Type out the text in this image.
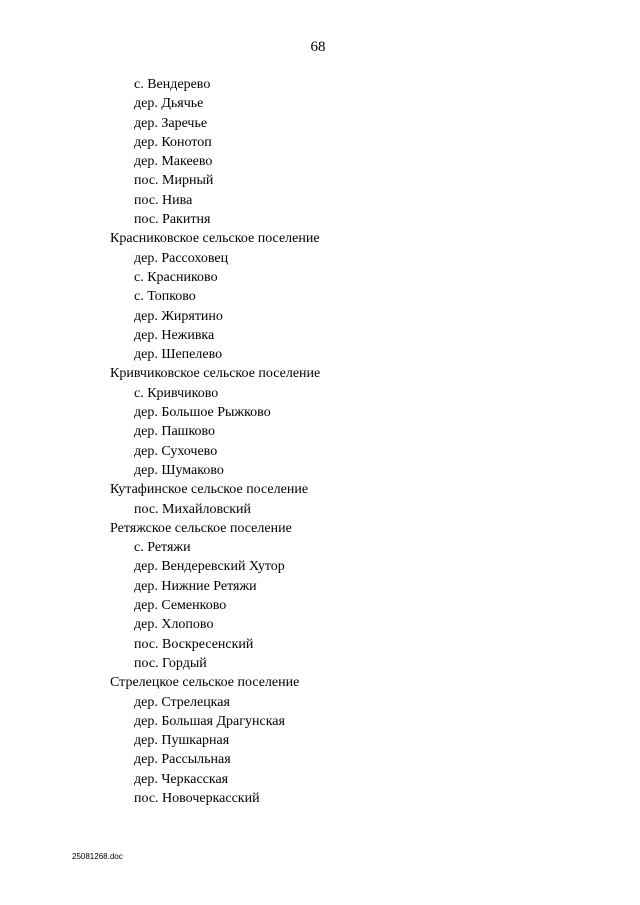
68
с. Вендерево
дер. Дьячье
дер. Заречье
дер. Конотоп
дер. Макеево
пос. Мирный
пос. Нива
пос. Ракитня
Красниковское сельское поселение
дер. Рассоховец
с. Красниково
с. Топково
дер. Жирятино
дер. Неживка
дер. Шепелево
Кривчиковское сельское поселение
с. Кривчиково
дер. Большое Рыжково
дер. Пашково
дер. Сухочево
дер. Шумаково
Кутафинское сельское поселение
пос. Михайловский
Ретяжское сельское поселение
с. Ретяжи
дер. Вендеревский Хутор
дер. Нижние Ретяжи
дер. Семенково
дер. Хлопово
пос. Воскресенский
пос. Гордый
Стрелецкое сельское поселение
дер. Стрелецкая
дер. Большая Драгунская
дер. Пушкарная
дер. Рассыльная
дер. Черкасская
пос. Новочеркасский
25081268.doc
